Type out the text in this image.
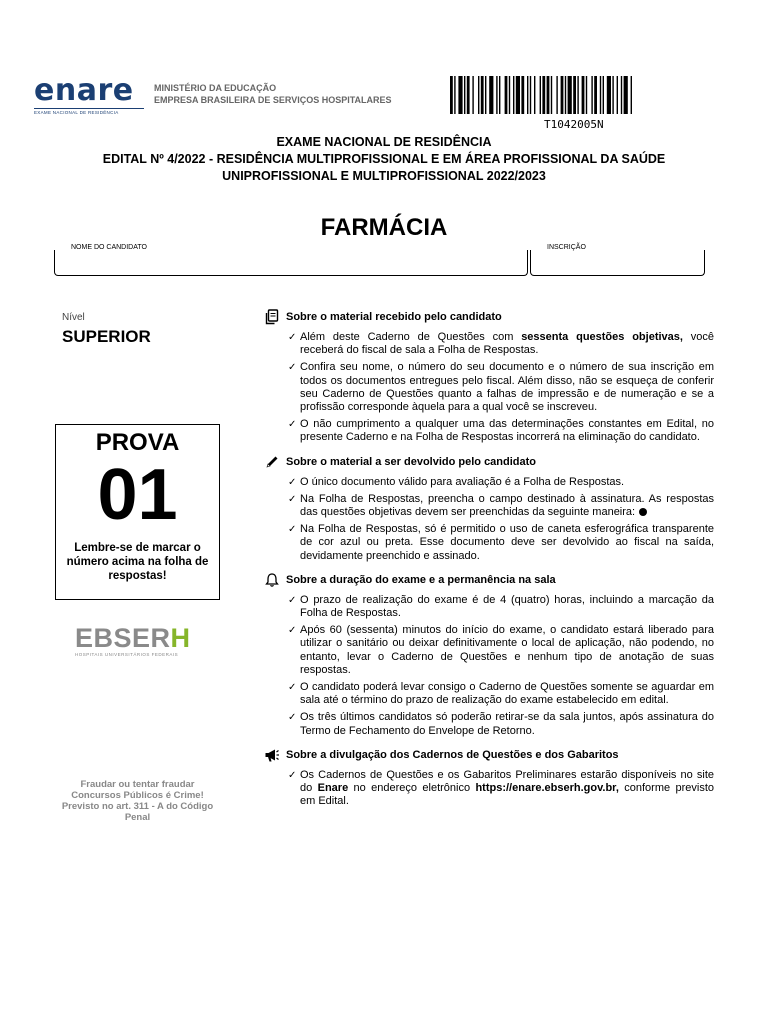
enare
EXAME NACIONAL DE RESIDÊNCIA
MINISTÉRIO DA EDUCAÇÃO
EMPRESA BRASILEIRA DE SERVIÇOS HOSPITALARES
T1042005N
EXAME NACIONAL DE RESIDÊNCIA
EDITAL Nº 4/2022 - RESIDÊNCIA MULTIPROFISSIONAL E EM ÁREA PROFISSIONAL DA SAÚDE
UNIPROFISSIONAL E MULTIPROFISSIONAL 2022/2023
FARMÁCIA
NOME DO CANDIDATO	INSCRIÇÃO
Nível
SUPERIOR
PROVA
01
Lembre-se de marcar o número acima na folha de respostas!
EBSERH
HOSPITAIS UNIVERSITÁRIOS FEDERAIS
Fraudar ou tentar fraudar Concursos Públicos é Crime! Previsto no art. 311 - A do Código Penal
Sobre o material recebido pelo candidato
✓ Além deste Caderno de Questões com sessenta questões objetivas, você receberá do fiscal de sala a Folha de Respostas.
✓ Confira seu nome, o número do seu documento e o número de sua inscrição em todos os documentos entregues pelo fiscal. Além disso, não se esqueça de conferir seu Caderno de Questões quanto a falhas de impressão e de numeração e se a profissão corresponde àquela para a qual você se inscreveu.
✓ O não cumprimento a qualquer uma das determinações constantes em Edital, no presente Caderno e na Folha de Respostas incorrerá na eliminação do candidato.
Sobre o material a ser devolvido pelo candidato
✓ O único documento válido para avaliação é a Folha de Respostas.
✓ Na Folha de Respostas, preencha o campo destinado à assinatura. As respostas das questões objetivas devem ser preenchidas da seguinte maneira:
✓ Na Folha de Respostas, só é permitido o uso de caneta esferográfica transparente de cor azul ou preta. Esse documento deve ser devolvido ao fiscal na saída, devidamente preenchido e assinado.
Sobre a duração do exame e a permanência na sala
✓ O prazo de realização do exame é de 4 (quatro) horas, incluindo a marcação da Folha de Respostas.
✓ Após 60 (sessenta) minutos do início do exame, o candidato estará liberado para utilizar o sanitário ou deixar definitivamente o local de aplicação, não podendo, no entanto, levar o Caderno de Questões e nenhum tipo de anotação de suas respostas.
✓ O candidato poderá levar consigo o Caderno de Questões somente se aguardar em sala até o término do prazo de realização do exame estabelecido em edital.
✓ Os três últimos candidatos só poderão retirar-se da sala juntos, após assinatura do Termo de Fechamento do Envelope de Retorno.
Sobre a divulgação dos Cadernos de Questões e dos Gabaritos
✓ Os Cadernos de Questões e os Gabaritos Preliminares estarão disponíveis no site do Enare no endereço eletrônico https://enare.ebserh.gov.br, conforme previsto em Edital.
